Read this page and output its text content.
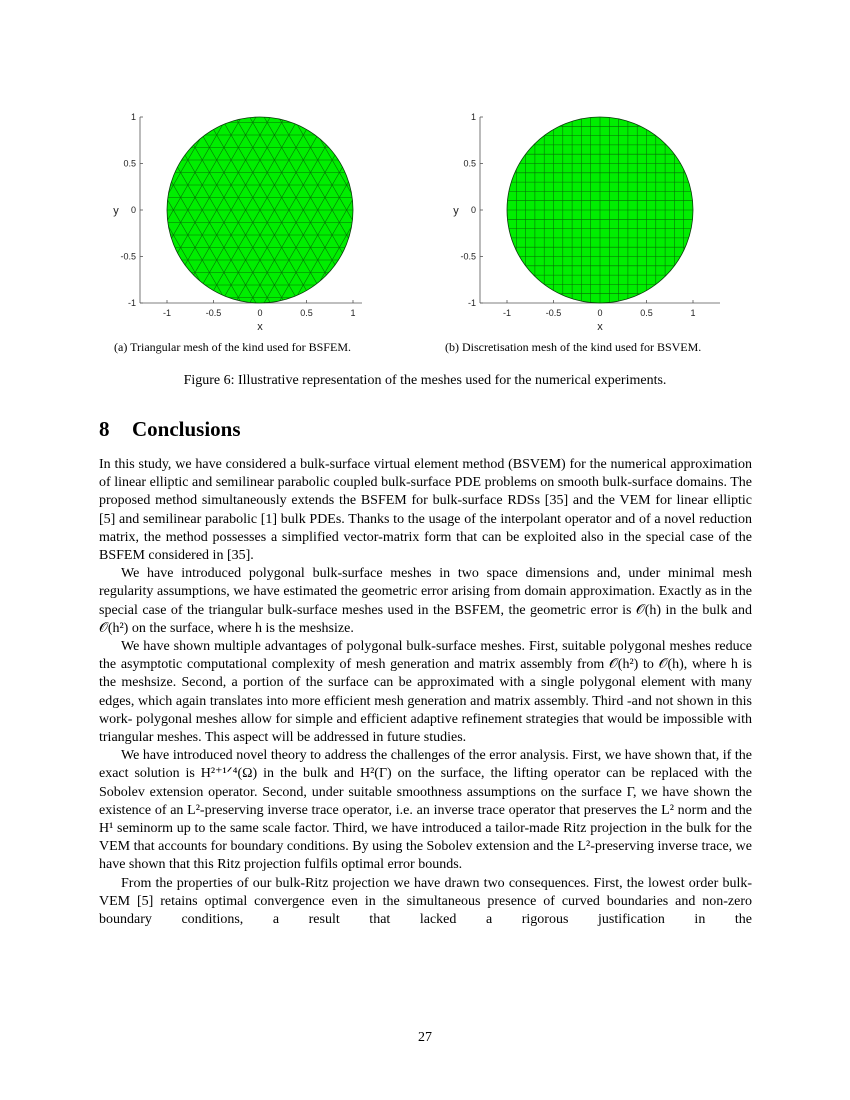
1
0.5
0
-0.5
-1
-1	-0.5	0	0.5	1
x
y
1
0.5
0
-0.5
-1
-1	-0.5	0	0.5	1
x
y
(a) Triangular mesh of the kind used for BSFEM.	(b) Discretisation mesh of the kind used for BSVEM.
Figure 6: Illustrative representation of the meshes used for the numerical experiments.
8 Conclusions

In this study, we have considered a bulk-surface virtual element method (BSVEM) for the numerical approximation of linear elliptic and semilinear parabolic coupled bulk-surface PDE problems on smooth bulk-surface domains. The proposed method simultaneously extends the BSFEM for bulk-surface RDSs [35] and the VEM for linear elliptic [5] and semilinear parabolic [1] bulk PDEs. Thanks to the usage of the interpolant operator and of a novel reduction matrix, the method possesses a simplified vector-matrix form that can be exploited also in the special case of the BSFEM considered in [35].

We have introduced polygonal bulk-surface meshes in two space dimensions and, under minimal mesh regularity assumptions, we have estimated the geometric error arising from domain approximation. Exactly as in the special case of the triangular bulk-surface meshes used in the BSFEM, the geometric error is 𝒪(h) in the bulk and 𝒪(h²) on the surface, where h is the meshsize.

We have shown multiple advantages of polygonal bulk-surface meshes. First, suitable polygonal meshes reduce the asymptotic computational complexity of mesh generation and matrix assembly from 𝒪(h²) to 𝒪(h), where h is the meshsize. Second, a portion of the surface can be approximated with a single polygonal element with many edges, which again translates into more efficient mesh generation and matrix assembly. Third -and not shown in this work- polygonal meshes allow for simple and efficient adaptive refinement strategies that would be impossible with triangular meshes. This aspect will be addressed in future studies.

We have introduced novel theory to address the challenges of the error analysis. First, we have shown that, if the exact solution is H²⁺¹ᐟ⁴(Ω) in the bulk and H²(Γ) on the surface, the lifting operator can be replaced with the Sobolev extension operator. Second, under suitable smoothness assumptions on the surface Γ, we have shown the existence of an L²-preserving inverse trace operator, i.e. an inverse trace operator that preserves the L² norm and the H¹ seminorm up to the same scale factor. Third, we have introduced a tailor-made Ritz projection in the bulk for the VEM that accounts for boundary conditions. By using the Sobolev extension and the L²-preserving inverse trace, we have shown that this Ritz projection fulfils optimal error bounds.

From the properties of our bulk-Ritz projection we have drawn two consequences. First, the lowest order bulk-VEM [5] retains optimal convergence even in the simultaneous presence of curved boundaries and non-zero boundary conditions, a result that lacked a rigorous justification in the

27
